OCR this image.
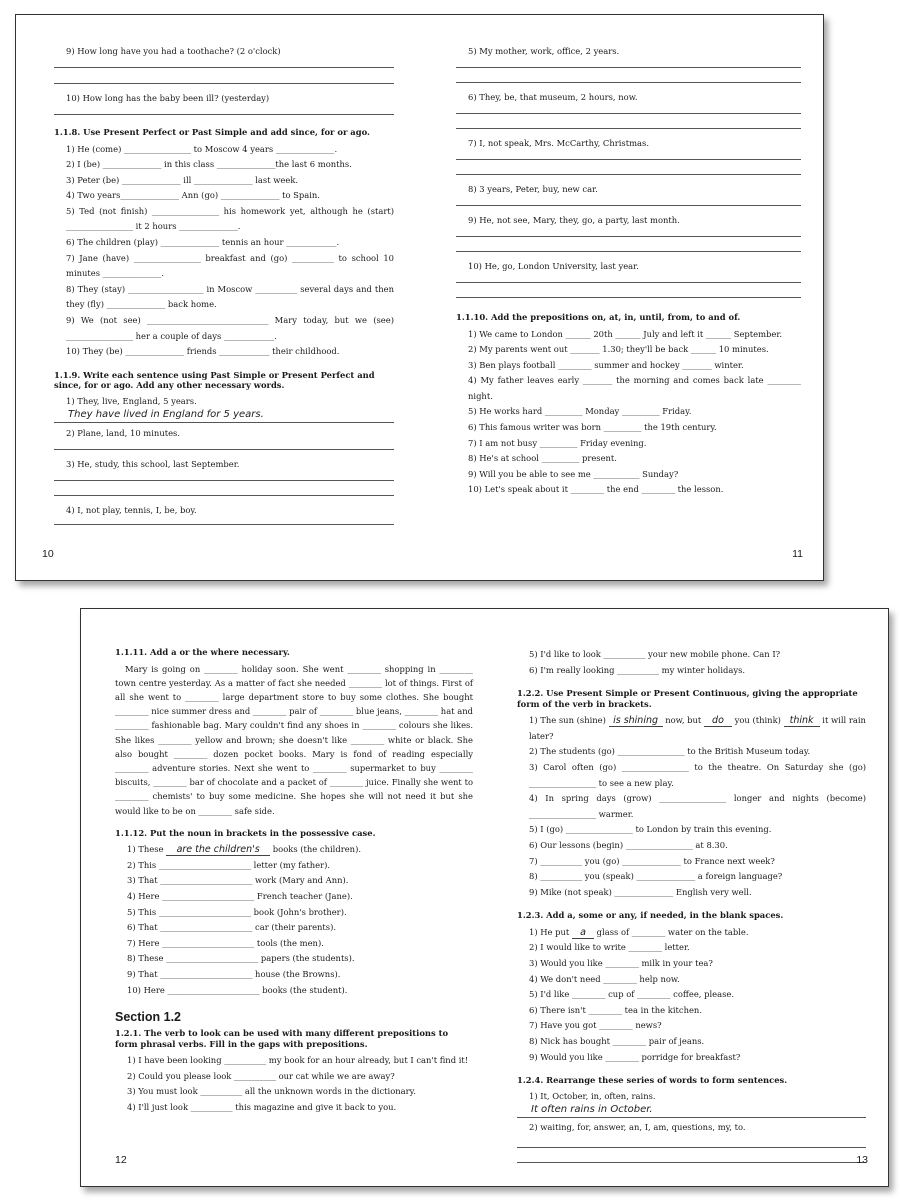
9) How long have you had a toothache? (2 o'clock)
10) How long has the baby been ill? (yesterday)
1.1.8. Use Present Perfect or Past Simple and add since, for or ago.
1) He (come) ________________ to Moscow 4 years ______________.
2) I (be) ______________ in this class ______________the last 6 months.
3) Peter (be) ______________ ill ______________ last week.
4) Two years______________ Ann (go) ______________ to Spain.
5) Ted (not finish) ________________ his homework yet, although he (start) ________________ it 2 hours ______________.
6) The children (play) ______________ tennis an hour ____________.
7) Jane (have) ________________ breakfast and (go) __________ to school 10 minutes ______________.
8) They (stay) __________________ in Moscow __________ several days and then they (fly) ______________ back home.
9) We (not see) _____________________________ Mary today, but we (see) ________________ her a couple of days ____________.
10) They (be) ______________ friends ____________ their childhood.
1.1.9. Write each sentence using Past Simple or Present Perfect and since, for or ago. Add any other necessary words.
1) They, live, England, 5 years.
They have lived in England for 5 years.
2) Plane, land, 10 minutes.
3) He, study, this school, last September.
4) I, not play, tennis, I, be, boy.
10
5) My mother, work, office, 2 years.
6) They, be, that museum, 2 hours, now.
7) I, not speak, Mrs. McCarthy, Christmas.
8) 3 years, Peter, buy, new car.
9) He, not see, Mary, they, go, a party, last month.
10) He, go, London University, last year.
1.1.10. Add the prepositions on, at, in, until, from, to and of.
1) We came to London ______ 20th ______ July and left it ______ September.
2) My parents went out _______ 1.30; they'll be back ______ 10 minutes.
3) Ben plays football ________ summer and hockey _______ winter.
4) My father leaves early _______ the morning and comes back late ________ night.
5) He works hard _________ Monday _________ Friday.
6) This famous writer was born _________ the 19th century.
7) I am not busy _________ Friday evening.
8) He's at school _________ present.
9) Will you be able to see me ___________ Sunday?
10) Let's speak about it ________ the end ________ the lesson.
11
1.1.11. Add a or the where necessary.
Mary is going on ________ holiday soon. She went ________ shopping in ________ town centre yesterday. As a matter of fact she needed ________ lot of things. First of all she went to ________ large department store to buy some clothes. She bought ________ nice summer dress and ________ pair of ________ blue jeans, ________ hat and ________ fashionable bag. Mary couldn't find any shoes in ________ colours she likes. She likes ________ yellow and brown; she doesn't like ________ white or black. She also bought ________ dozen pocket books. Mary is fond of reading especially ________ adventure stories. Next she went to ________ supermarket to buy ________ biscuits, ________ bar of chocolate and a packet of ________ juice. Finally she went to ________ chemists' to buy some medicine. She hopes she will not need it but she would like to be on ________ safe side.
1.1.12. Put the noun in brackets in the possessive case.
1) These are the children's books (the children).
2) This ______________________ letter (my father).
3) That ______________________ work (Mary and Ann).
4) Here ______________________ French teacher (Jane).
5) This ______________________ book (John's brother).
6) That ______________________ car (their parents).
7) Here ______________________ tools (the men).
8) These ______________________ papers (the students).
9) That ______________________ house (the Browns).
10) Here ______________________ books (the student).
Section 1.2
1.2.1. The verb to look can be used with many different prepositions to form phrasal verbs. Fill in the gaps with prepositions.
1) I have been looking __________ my book for an hour already, but I can't find it!
2) Could you please look __________ our cat while we are away?
3) You must look __________ all the unknown words in the dictionary.
4) I'll just look __________ this magazine and give it back to you.
12
5) I'd like to look __________ your new mobile phone. Can I?
6) I'm really looking __________ my winter holidays.
1.2.2. Use Present Simple or Present Continuous, giving the appropriate form of the verb in brackets.
1) The sun (shine) is shining now, but do you (think) think it will rain later?
2) The students (go) ________________ to the British Museum today.
3) Carol often (go) ________________ to the theatre. On Saturday she (go) ________________ to see a new play.
4) In spring days (grow) ________________ longer and nights (become) ________________ warmer.
5) I (go) ________________ to London by train this evening.
6) Our lessons (begin) ________________ at 8.30.
7) __________ you (go) ______________ to France next week?
8) __________ you (speak) ______________ a foreign language?
9) Mike (not speak) ______________ English very well.
1.2.3. Add a, some or any, if needed, in the blank spaces.
1) He put a glass of ________ water on the table.
2) I would like to write ________ letter.
3) Would you like ________ milk in your tea?
4) We don't need ________ help now.
5) I'd like ________ cup of ________ coffee, please.
6) There isn't ________ tea in the kitchen.
7) Have you got ________ news?
8) Nick has bought ________ pair of jeans.
9) Would you like ________ porridge for breakfast?
1.2.4. Rearrange these series of words to form sentences.
1) It, October, in, often, rains.
It often rains in October.
2) waiting, for, answer, an, I, am, questions, my, to.
13
